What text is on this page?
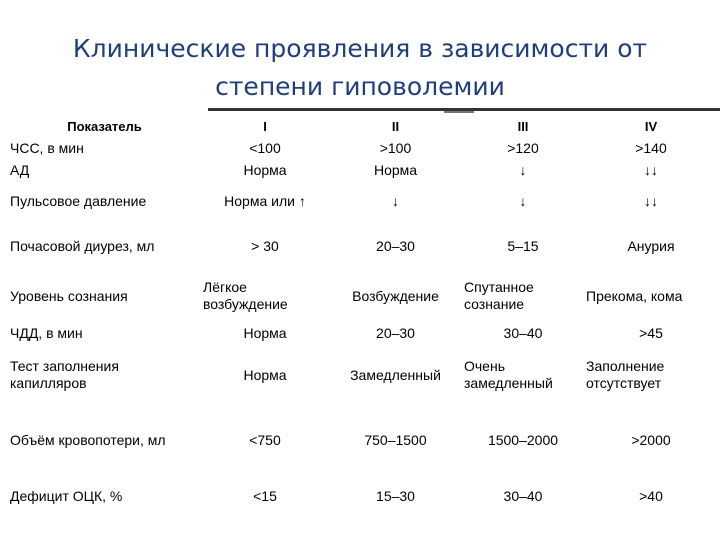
Клинические проявления в зависимости от
степени гиповолемии
Показатель	I	II	III	IV
ЧСС, в мин	<100	>100	>120	>140
АД	Норма	Норма	↓	↓↓
Пульсовое давление	Норма или ↑	↓	↓	↓↓
Почасовой диурез, мл	> 30	20–30	5–15	Анурия
Уровень сознания	Лёгкое возбуждение	Возбуждение	Спутанное сознание	Прекома, кома
ЧДД, в мин	Норма	20–30	30–40	>45
Тест заполнения капилляров	Норма	Замедленный	Очень замедленный	Заполнение отсутствует
Объём кровопотери, мл	<750	750–1500	1500–2000	>2000
Дефицит ОЦК, %	<15	15–30	30–40	>40
